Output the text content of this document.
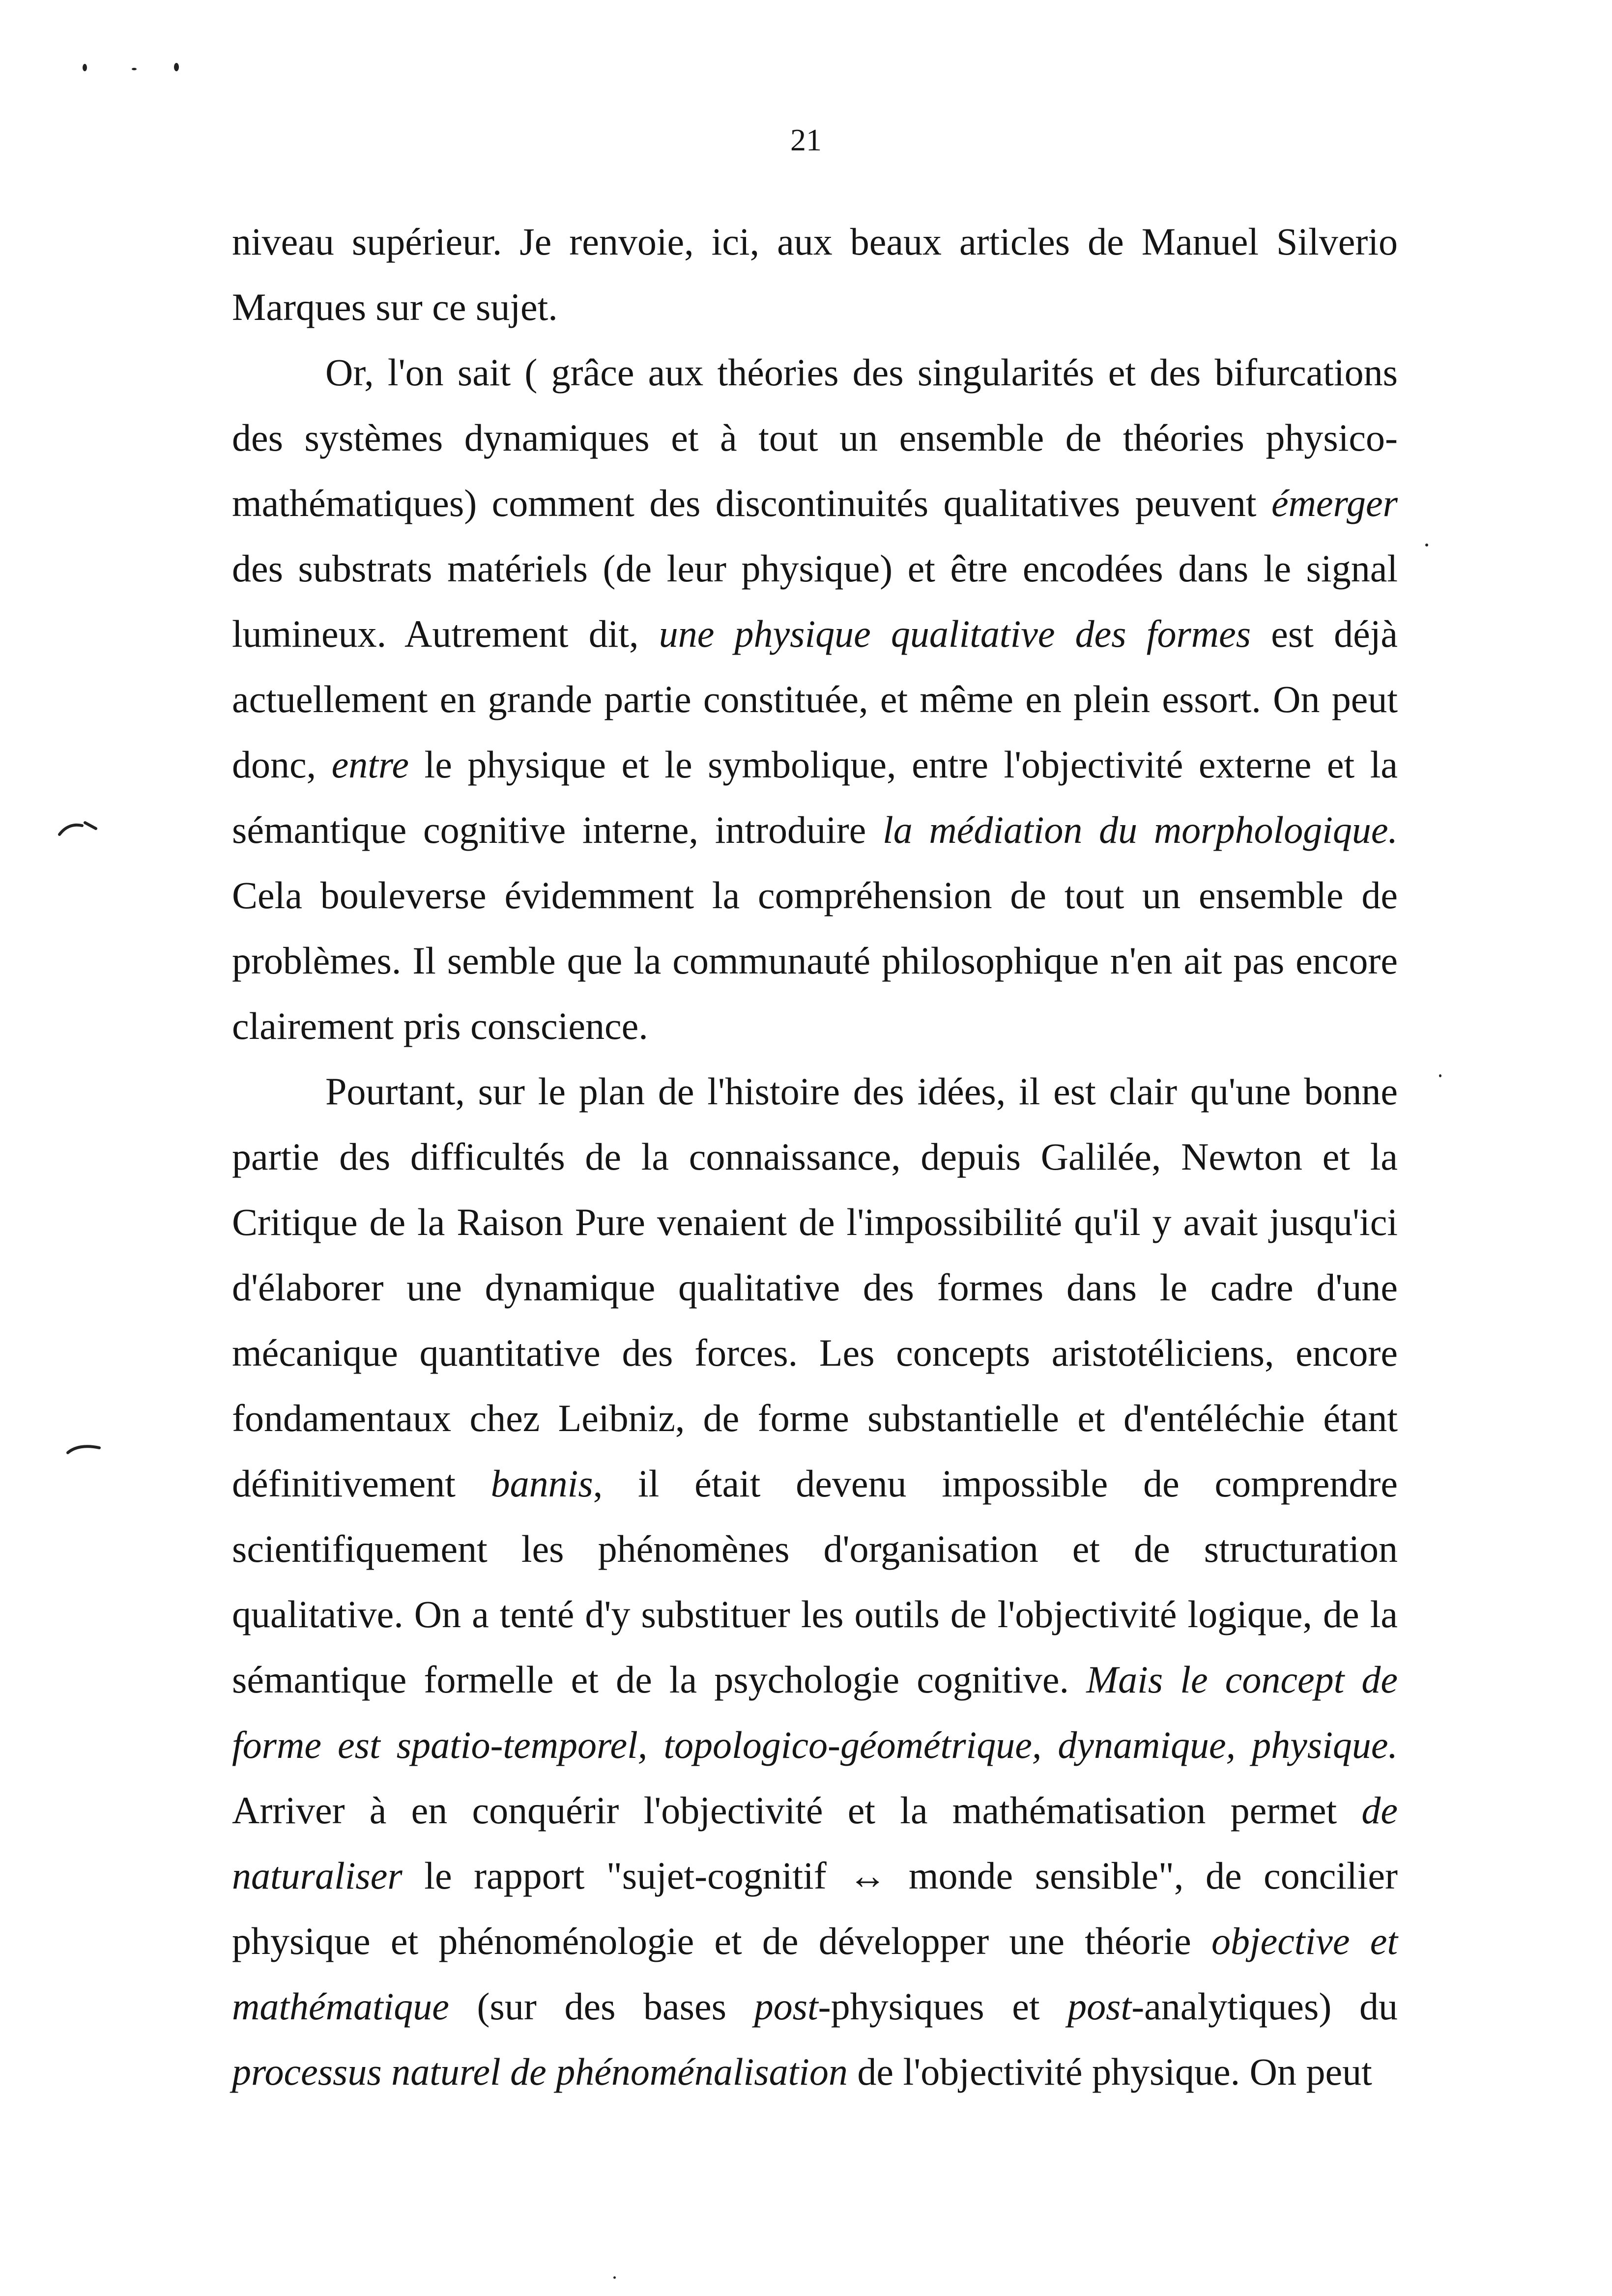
21

niveau supérieur. Je renvoie, ici, aux beaux articles de Manuel Silverio Marques sur ce sujet.

Or, l'on sait ( grâce aux théories des singularités et des bifurcations des systèmes dynamiques et à tout un ensemble de théories physico-mathématiques) comment des discontinuités qualitatives peuvent émerger des substrats matériels (de leur physique) et être encodées dans le signal lumineux. Autrement dit, une physique qualitative des formes est déjà actuellement en grande partie constituée, et même en plein essort. On peut donc, entre le physique et le symbolique, entre l'objectivité externe et la sémantique cognitive interne, introduire la médiation du morphologique. Cela bouleverse évidemment la compréhension de tout un ensemble de problèmes. Il semble que la communauté philosophique n'en ait pas encore clairement pris conscience.

Pourtant, sur le plan de l'histoire des idées, il est clair qu'une bonne partie des difficultés de la connaissance, depuis Galilée, Newton et la Critique de la Raison Pure venaient de l'impossibilité qu'il y avait jusqu'ici d'élaborer une dynamique qualitative des formes dans le cadre d'une mécanique quantitative des forces. Les concepts aristotéliciens, encore fondamentaux chez Leibniz, de forme substantielle et d'entéléchie étant définitivement bannis, il était devenu impossible de comprendre scientifiquement les phénomènes d'organisation et de structuration qualitative. On a tenté d'y substituer les outils de l'objectivité logique, de la sémantique formelle et de la psychologie cognitive. Mais le concept de forme est spatio-temporel, topologico-géométrique, dynamique, physique. Arriver à en conquérir l'objectivité et la mathématisation permet de naturaliser le rapport "sujet-cognitif ↔ monde sensible", de concilier physique et phénoménologie et de développer une théorie objective et mathématique (sur des bases post-physiques et post-analytiques) du processus naturel de phénoménalisation de l'objectivité physique. On peut
